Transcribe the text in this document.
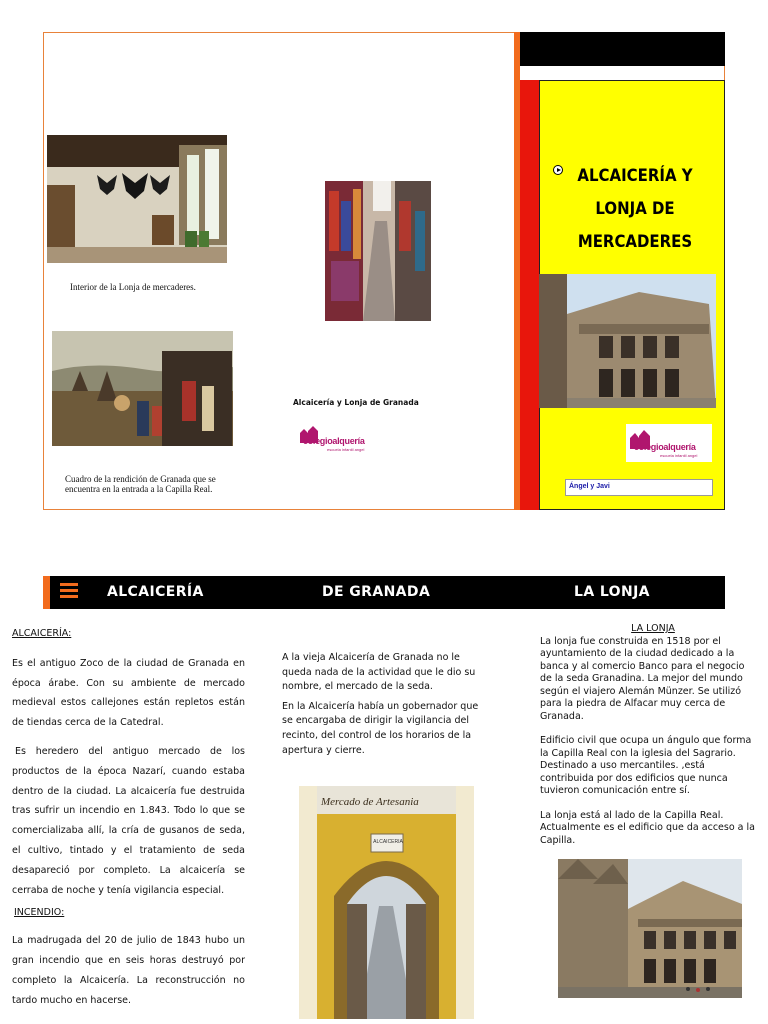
Interior de la Lonja de mercaderes.
Cuadro de la rendición de Granada que se encuentra en la entrada a la Capilla Real.
Alcaicería y Lonja de Granada
colegioalquería
escuela infantil angel
ALCAICERÍA Y
LONJA DE
MERCADERES
colegioalquería
escuela infantil angel
Ángel y Javi
ALCAICERÍA	DE GRANADA	LA LONJA

ALCAICERÍA:

Es el antiguo Zoco de la ciudad de Granada en época árabe. Con su ambiente de mercado medieval estos callejones están repletos están de tiendas cerca de la Catedral.

Es heredero del antiguo mercado de los productos de la época Nazarí, cuando estaba dentro de la ciudad. La alcaicería fue destruida tras sufrir un incendio en 1.843. Todo lo que se comercializaba allí, la cría de gusanos de seda, el cultivo, tintado y el tratamiento de seda desapareció por completo. La alcaicería se cerraba de noche y tenía vigilancia especial.

INCENDIO:

La madrugada del 20 de julio de 1843 hubo un gran incendio que en seis horas destruyó por completo la Alcaicería. La reconstrucción no tardo mucho en hacerse.

A la vieja Alcaicería de Granada no le queda nada de la actividad que le dio su nombre, el mercado de la seda.

En la Alcaicería había un gobernador que se encargaba de dirigir la vigilancia del recinto, del control de los horarios de la apertura y cierre.

Mercado de Artesania
ALCAICERIA

LA LONJA

La lonja fue construida en 1518 por el ayuntamiento de la ciudad dedicado a la banca y al comercio Banco para el negocio de la seda Granadina. La mejor del mundo según el viajero Alemán Münzer. Se utilizó para la piedra de Alfacar muy cerca de Granada.

Edificio civil que ocupa un ángulo que forma la Capilla Real con la iglesia del Sagrario. Destinado a uso mercantiles. ,está contribuida por dos edificios que nunca tuvieron comunicación entre sí.

La lonja está al lado de la Capilla Real. Actualmente es el edificio que da acceso a la Capilla.
